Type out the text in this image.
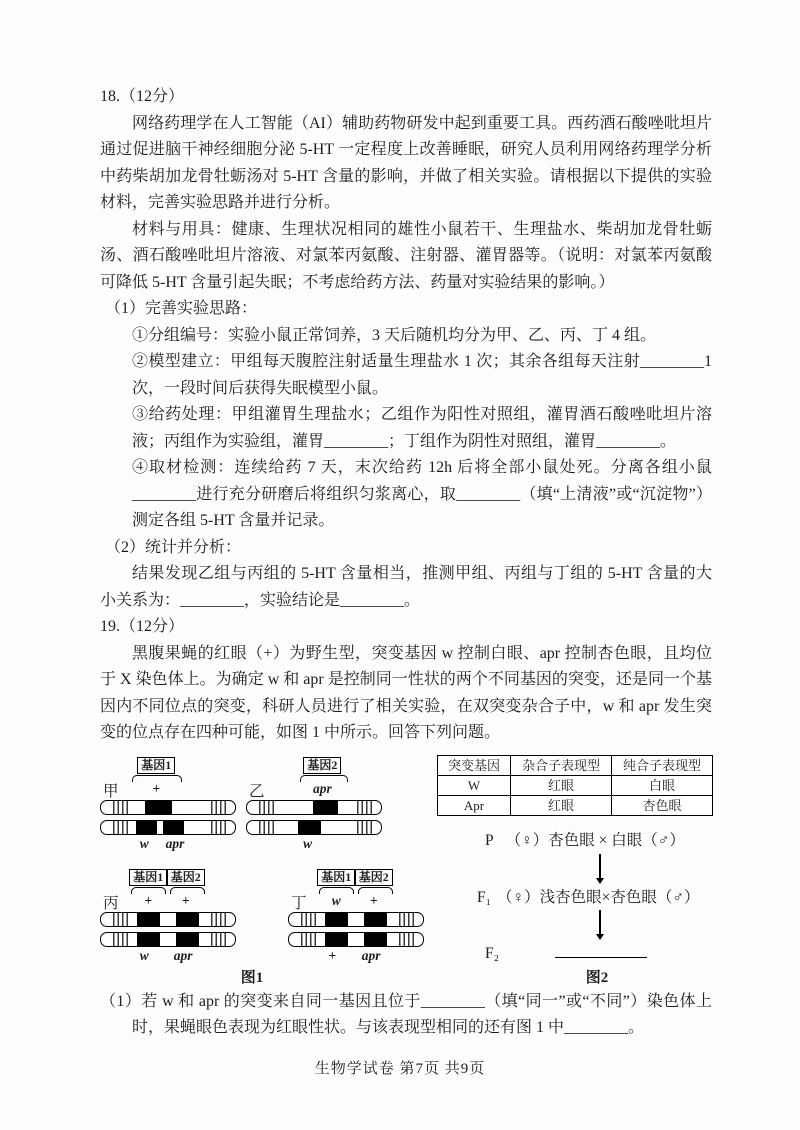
18.（12分）

网络药理学在人工智能（AI）辅助药物研发中起到重要工具。西药酒石酸唑吡坦片通过促进脑干神经细胞分泌 5-HT 一定程度上改善睡眠，研究人员利用网络药理学分析中药柴胡加龙骨牡蛎汤对 5-HT 含量的影响，并做了相关实验。请根据以下提供的实验材料，完善实验思路并进行分析。

材料与用具：健康、生理状况相同的雄性小鼠若干、生理盐水、柴胡加龙骨牡蛎汤、酒石酸唑吡坦片溶液、对氯苯丙氨酸、注射器、灌胃器等。（说明：对氯苯丙氨酸可降低 5-HT 含量引起失眠；不考虑给药方法、药量对实验结果的影响。）

（1）完善实验思路：

①分组编号：实验小鼠正常饲养，3 天后随机均分为甲、乙、丙、丁 4 组。

②模型建立：甲组每天腹腔注射适量生理盐水 1 次；其余各组每天注射________1 次，一段时间后获得失眠模型小鼠。

③给药处理：甲组灌胃生理盐水；乙组作为阳性对照组，灌胃酒石酸唑吡坦片溶液；丙组作为实验组，灌胃________；丁组作为阴性对照组，灌胃________。

④取材检测：连续给药 7 天，末次给药 12h 后将全部小鼠处死。分离各组小鼠________进行充分研磨后将组织匀浆离心，取________（填“上清液”或“沉淀物”）测定各组 5-HT 含量并记录。

（2）统计并分析：

结果发现乙组与丙组的 5-HT 含量相当，推测甲组、丙组与丁组的 5-HT 含量的大小关系为：________，实验结论是________。

19.（12分）

黑腹果蝇的红眼（+）为野生型，突变基因 w 控制白眼、apr 控制杏色眼，且均位于 X 染色体上。为确定 w 和 apr 是控制同一性状的两个不同基因的突变，还是同一个基因内不同位点的突变，科研人员进行了相关实验，在双突变杂合子中，w 和 apr 发生突变的位点存在四种可能，如图 1 中所示。回答下列问题。

甲
基因1
+
w apr
乙
基因2
apr
w
丙
基因1 基因2
+ +
w apr
丁
基因1 基因2
w +
+ apr
图1
突变基因	杂合子表现型	纯合子表现型
W	红眼	白眼
Apr	红眼	杏色眼
P （♀）杏色眼 × 白眼（♂）
F₁ （♀）浅杏色眼×杏色眼（♂）
F₂
图2

（1）若 w 和 apr 的突变来自同一基因且位于________（填“同一”或“不同”）染色体上时，果蝇眼色表现为红眼性状。与该表现型相同的还有图 1 中________。

生物学试卷 第7页 共9页
